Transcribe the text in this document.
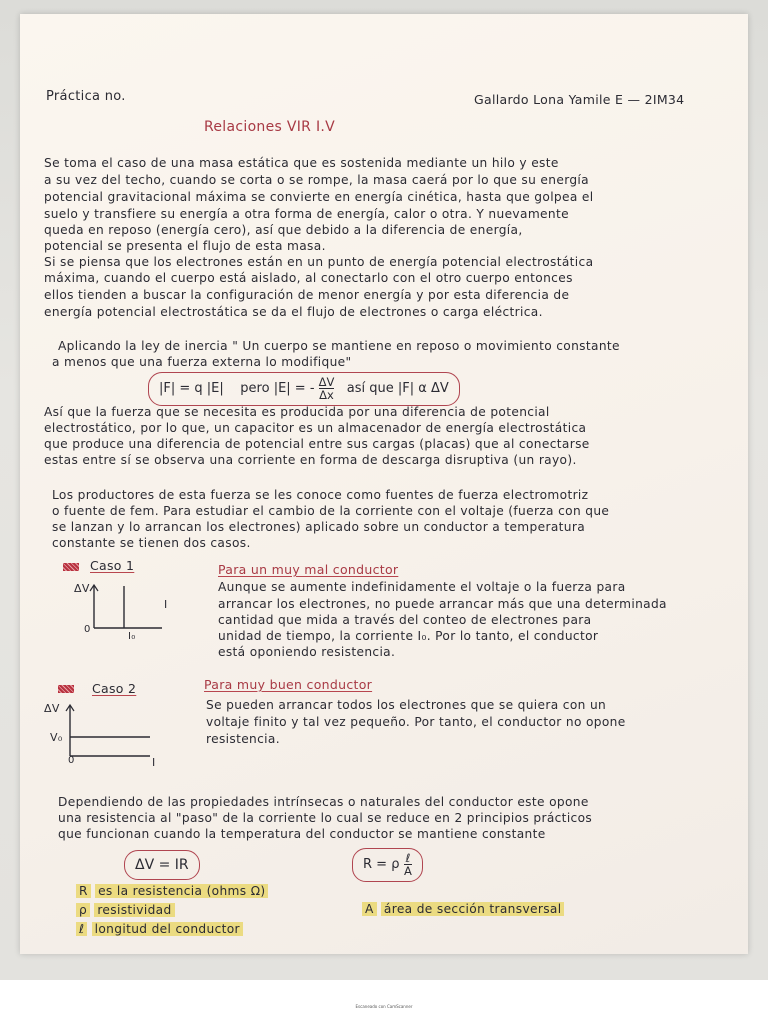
Práctica no.	Gallardo Lona Yamile E — 2IM34
Relaciones VIR I.V
Se toma el caso de una masa estática que es sostenida mediante un hilo y este
a su vez del techo, cuando se corta o se rompe, la masa caerá por lo que su energía
potencial gravitacional máxima se convierte en energía cinética, hasta que golpea el
suelo y transfiere su energía a otra forma de energía, calor o otra. Y nuevamente
queda en reposo (energía cero), así que debido a la diferencia de energía,
potencial se presenta el flujo de esta masa.
Si se piensa que los electrones están en un punto de energía potencial electrostática
máxima, cuando el cuerpo está aislado, al conectarlo con el otro cuerpo entonces
ellos tienden a buscar la configuración de menor energía y por esta diferencia de
energía potencial electrostática se da el flujo de electrones o carga eléctrica.
Aplicando la ley de inercia " Un cuerpo se mantiene en reposo o movimiento constante
a menos que una fuerza externa lo modifique"
|F| = q |E| pero |E| = - $\frac{\Delta V}{\Delta x}$ así que |F| α ΔV
Así que la fuerza que se necesita es producida por una diferencia de potencial
electrostático, por lo que, un capacitor es un almacenador de energía electrostática
que produce una diferencia de potencial entre sus cargas (placas) que al conectarse
estas entre sí se observa una corriente en forma de descarga disruptiva (un rayo).
Los productores de esta fuerza se les conoce como fuentes de fuerza electromotriz
o fuente de fem. Para estudiar el cambio de la corriente con el voltaje (fuerza con que
se lanzan y lo arrancan los electrones) aplicado sobre un conductor a temperatura
constante se tienen dos casos.
Caso 1	Para un muy mal conductor
ΔV
I
0
I₀
Aunque se aumente indefinidamente el voltaje o la fuerza para
arrancar los electrones, no puede arrancar más que una determinada
cantidad que mida a través del conteo de electrones para
unidad de tiempo, la corriente I₀. Por lo tanto, el conductor
está oponiendo resistencia.
Caso 2	Para muy buen conductor
ΔV
V₀
0	I
Se pueden arrancar todos los electrones que se quiera con un
voltaje finito y tal vez pequeño. Por tanto, el conductor no opone
resistencia.
Dependiendo de las propiedades intrínsecas o naturales del conductor este opone
una resistencia al "paso" de la corriente lo cual se reduce en 2 principios prácticos
que funcionan cuando la temperatura del conductor se mantiene constante
ΔV = IR	R = ρ ℓ
A
R es la resistencia (ohms Ω)
ρ resistividad
ℓ longitud del conductor
A área de sección transversal
Escaneado con CamScanner
